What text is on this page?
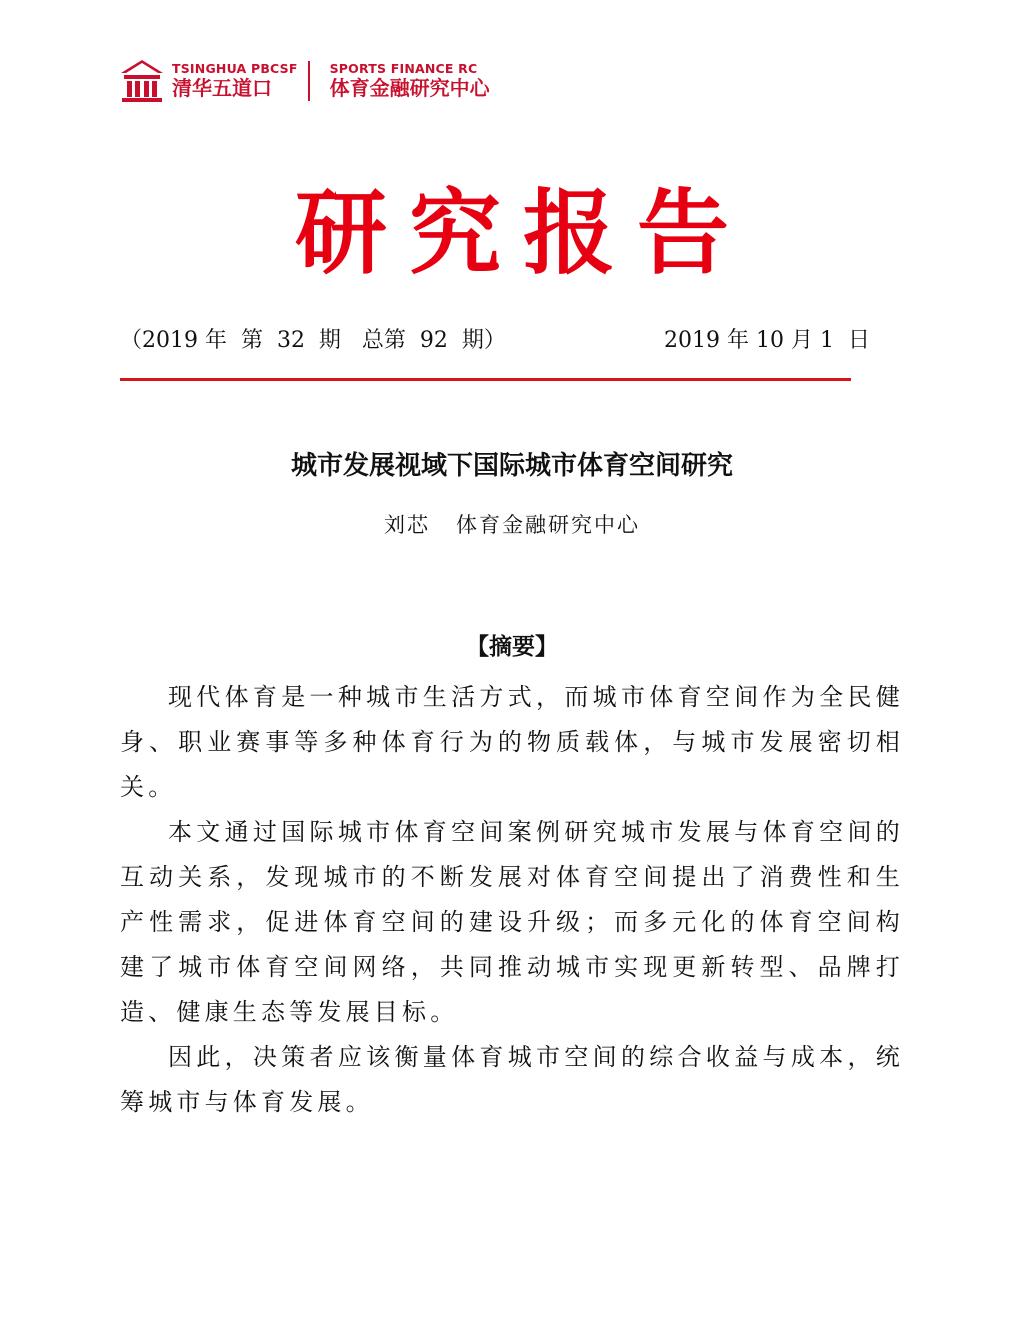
TSINGHUA PBCSF
清华五道口
SPORTS FINANCE RC
体育金融研究中心
研究报告
（2019 年  第  32  期   总第  92  期）	2019 年 10 月 1  日
城市发展视域下国际城市体育空间研究
刘芯   体育金融研究中心
【摘要】

现代体育是一种城市生活方式，而城市体育空间作为全民健身、职业赛事等多种体育行为的物质载体，与城市发展密切相关。

本文通过国际城市体育空间案例研究城市发展与体育空间的互动关系，发现城市的不断发展对体育空间提出了消费性和生产性需求，促进体育空间的建设升级；而多元化的体育空间构建了城市体育空间网络，共同推动城市实现更新转型、品牌打造、健康生态等发展目标。

因此，决策者应该衡量体育城市空间的综合收益与成本，统筹城市与体育发展。
